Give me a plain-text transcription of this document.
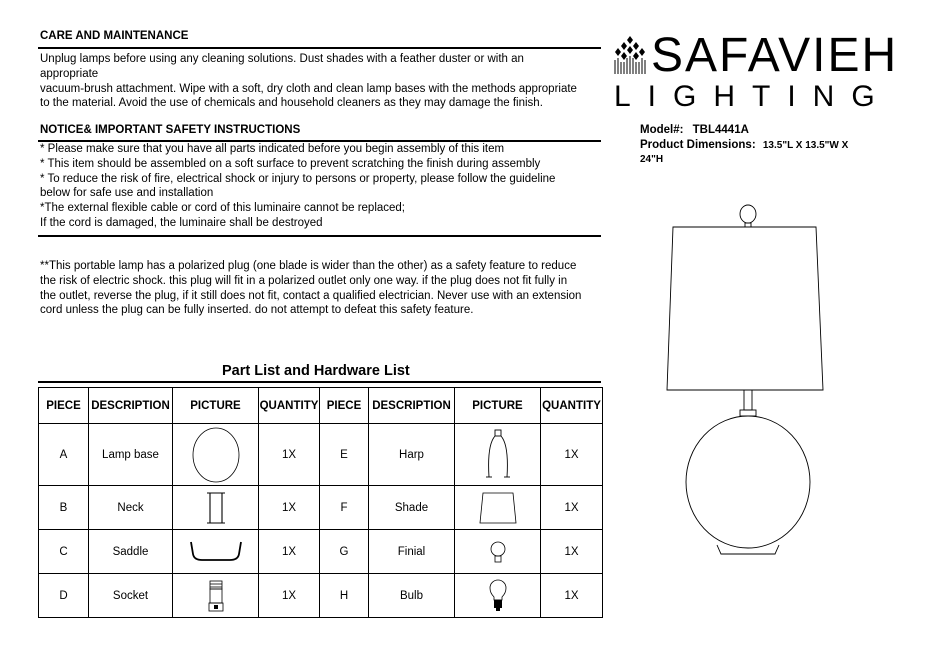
CARE AND MAINTENANCE
Unplug lamps before using any cleaning solutions. Dust shades with a feather duster or with an
appropriate
vacuum-brush attachment. Wipe with a soft, dry cloth and clean lamp bases with the methods appropriate
to the material. Avoid the use of chemicals and household cleaners as they may damage the finish.
NOTICE& IMPORTANT SAFETY INSTRUCTIONS
* Please make sure that you have all parts indicated before you begin assembly of this item
* This item should be assembled on a soft surface to prevent scratching the finish during assembly
* To reduce the risk of fire, electrical shock or injury to persons or property, please follow the guideline
below for safe use and installation
*The external flexible cable or cord of this luminaire cannot be replaced;
If the cord is damaged, the luminaire shall be destroyed
**This portable lamp has a polarized plug (one blade is wider than the other) as a safety feature to reduce
the risk of electric shock. this plug will fit in a polarized outlet only one way. if the plug does not fit fully in
the outlet, reverse the plug, if it still does not fit, contact a qualified electrician. Never use with an extension
cord unless the plug can be fully inserted. do not attempt to defeat this safety feature.
SAFAVIEH
LIGHTING
Model#: TBL4441A
Product Dimensions: 13.5"L X 13.5"W X
24"H
Part List and Hardware List
PIECE	DESCRIPTION	PICTURE	QUANTITY	PIECE	DESCRIPTION	PICTURE	QUANTITY
A	Lamp base		1X	E	Harp		1X
B	Neck		1X	F	Shade		1X
C	Saddle		1X	G	Finial		1X
D	Socket		1X	H	Bulb		1X
